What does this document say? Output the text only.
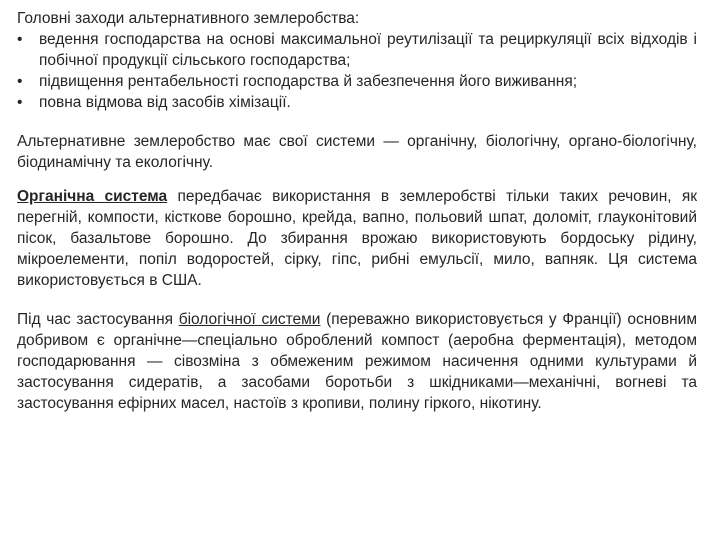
Головні заходи альтернативного землеробства:

• ведення господарства на основі максимальної реутилізації та рециркуляції всіх відходів і побічної продукції сільського господарства;
• підвищення рентабельності господарства й забезпечення його виживання;
• повна відмова від засобів хімізації.

Альтернативне землеробство має свої системи — органічну, біологічну, органо-біологічну, біодинамічну та екологічну.

Органічна система передбачає використання в землеробстві тільки таких речовин, як перегній, компости, кісткове борошно, крейда, вапно, польовий шпат, доломіт, глауконітовий пісок, базальтове борошно. До збирання врожаю використовують бордоську рідину, мікроелементи, попіл водоростей, сірку, гіпс, рибні емульсії, мило, вапняк. Ця система використовується в США.

Під час застосування біологічної системи (переважно використовується у Франції) основним добривом є органічне—спеціально оброблений компост (аеробна ферментація), методом господарювання — сівозміна з обмеженим режимом насичення одними культурами й застосування сидератів, а засобами боротьби з шкідниками—механічні, вогневі та застосування ефірних масел, настоїв з кропиви, полину гіркого, нікотину.
